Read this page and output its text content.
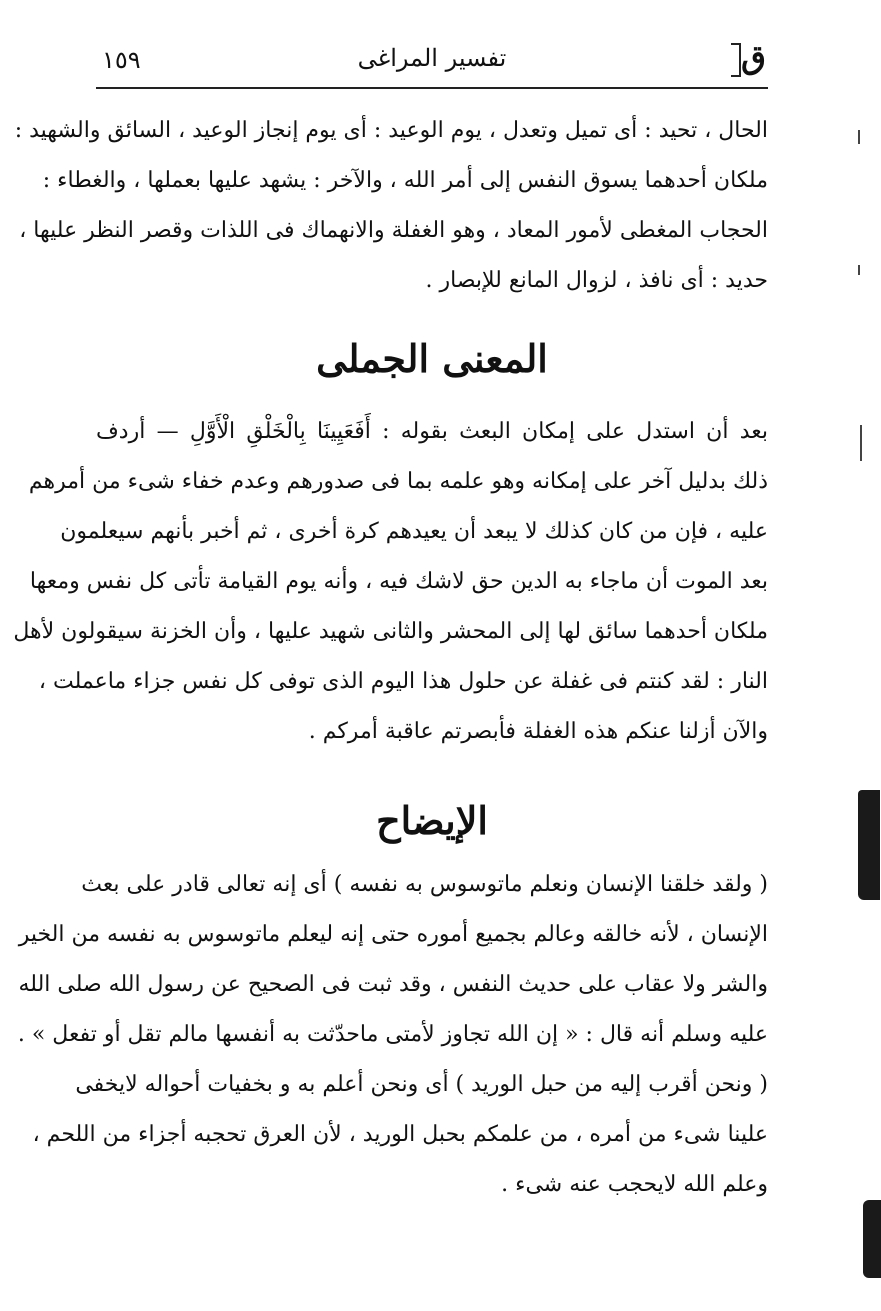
١٥٩	تفسير المراغى	ق
الحال ، تحيد : أى تميل وتعدل ، يوم الوعيد : أى يوم إنجاز الوعيد ، السائق والشهيد :
ملكان أحدهما يسوق النفس إلى أمر الله ، والآخر : يشهد عليها بعملها ، والغطاء :
الحجاب المغطى لأمور المعاد ، وهو الغفلة والانهماك فى اللذات وقصر النظر عليها ،
حديد : أى نافذ ، لزوال المانع للإبصار .
المعنى الجملى
بعد أن استدل على إمكان البعث بقوله : أَفَعَيِينَا بِالْخَلْقِ الْأَوَّلِ — أردف
ذلك بدليل آخر على إمكانه وهو علمه بما فى صدورهم وعدم خفاء شىء من أمرهم
عليه ، فإن من كان كذلك لا يبعد أن يعيدهم كرة أخرى ، ثم أخبر بأنهم سيعلمون
بعد الموت أن ماجاء به الدين حق لاشك فيه ، وأنه يوم القيامة تأتى كل نفس ومعها
ملكان أحدهما سائق لها إلى المحشر والثانى شهيد عليها ، وأن الخزنة سيقولون لأهل
النار : لقد كنتم فى غفلة عن حلول هذا اليوم الذى توفى كل نفس جزاء ماعملت ،
والآن أزلنا عنكم هذه الغفلة فأبصرتم عاقبة أمركم .
الإيضاح
( ولقد خلقنا الإنسان ونعلم ماتوسوس به نفسه ) أى إنه تعالى قادر على بعث
الإنسان ، لأنه خالقه وعالم بجميع أموره حتى إنه ليعلم ماتوسوس به نفسه من الخير
والشر ولا عقاب على حديث النفس ، وقد ثبت فى الصحيح عن رسول الله صلى الله
عليه وسلم أنه قال : « إن الله تجاوز لأمتى ماحدّثت به أنفسها مالم تقل أو تفعل » .
( ونحن أقرب إليه من حبل الوريد ) أى ونحن أعلم به و بخفيات أحواله لايخفى
علينا شىء من أمره ، من علمكم بحبل الوريد ، لأن العرق تحجبه أجزاء من اللحم ،
وعلم الله لايحجب عنه شىء .
